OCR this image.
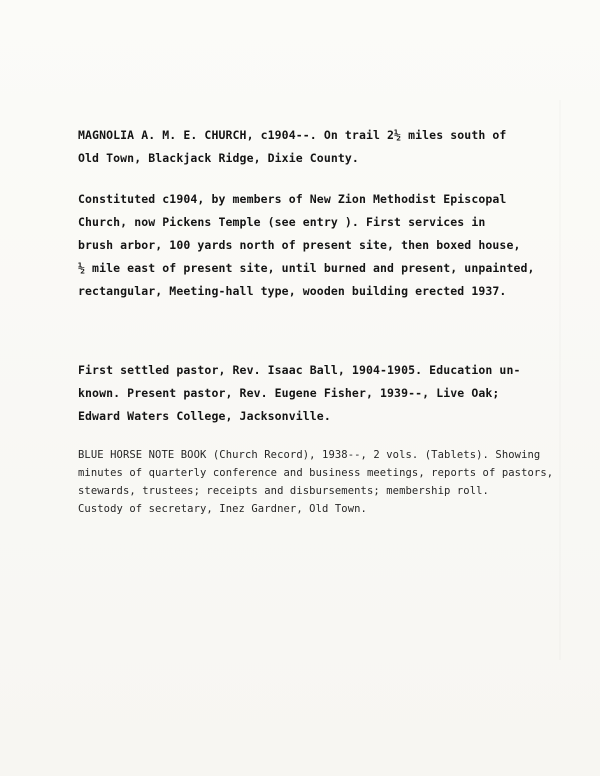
MAGNOLIA A. M. E. CHURCH, c1904--. On trail 2½ miles south of
Old Town, Blackjack Ridge, Dixie County.
Constituted c1904, by members of New Zion Methodist Episcopal
Church, now Pickens Temple (see entry ). First services in
brush arbor, 100 yards north of present site, then boxed house,
½ mile east of present site, until burned and present, unpainted,
rectangular, Meeting-hall type, wooden building erected 1937.
First settled pastor, Rev. Isaac Ball, 1904-1905. Education un-
known. Present pastor, Rev. Eugene Fisher, 1939--, Live Oak;
Edward Waters College, Jacksonville.
BLUE HORSE NOTE BOOK (Church Record), 1938--, 2 vols. (Tablets). Showing
minutes of quarterly conference and business meetings, reports of pastors,
stewards, trustees; receipts and disbursements; membership roll.
Custody of secretary, Inez Gardner, Old Town.
